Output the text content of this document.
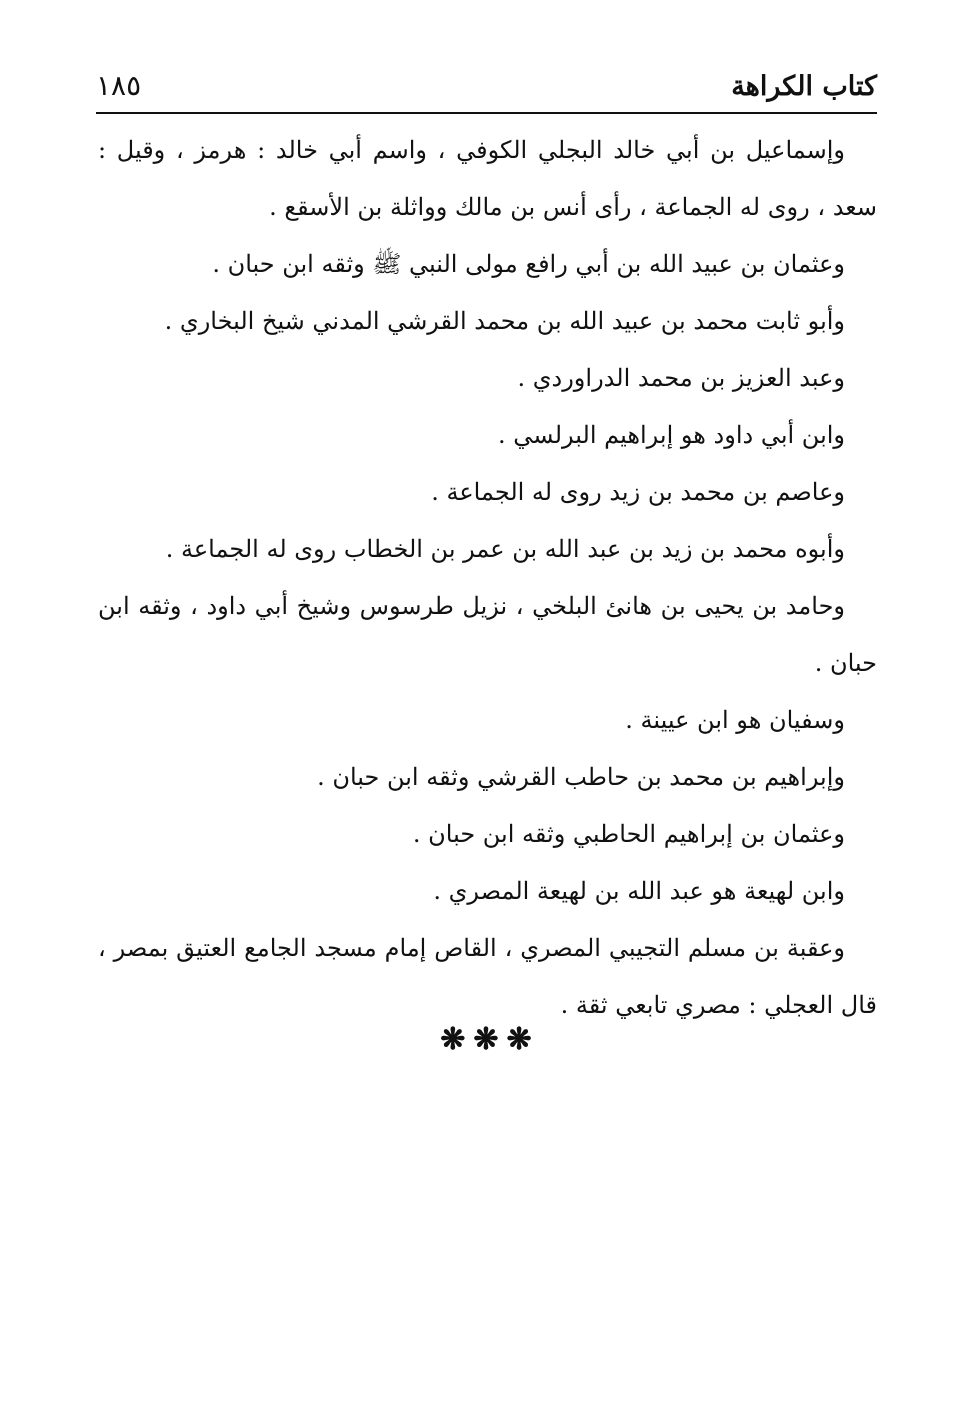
كتاب الكراهة
١٨٥

وإسماعيل بن أبي خالد البجلي الكوفي ، واسم أبي خالد : هرمز ، وقيل : سعد ، روى له الجماعة ، رأى أنس بن مالك وواثلة بن الأسقع .

وعثمان بن عبيد الله بن أبي رافع مولى النبي ﷺ وثقه ابن حبان .

وأبو ثابت محمد بن عبيد الله بن محمد القرشي المدني شيخ البخاري .

وعبد العزيز بن محمد الدراوردي .

وابن أبي داود هو إبراهيم البرلسي .

وعاصم بن محمد بن زيد روى له الجماعة .

وأبوه محمد بن زيد بن عبد الله بن عمر بن الخطاب روى له الجماعة .

وحامد بن يحيى بن هانئ البلخي ، نزيل طرسوس وشيخ أبي داود ، وثقه ابن حبان .

وسفيان هو ابن عيينة .

وإبراهيم بن محمد بن حاطب القرشي وثقه ابن حبان .

وعثمان بن إبراهيم الحاطبي وثقه ابن حبان .

وابن لهيعة هو عبد الله بن لهيعة المصري .

وعقبة بن مسلم التجيبي المصري ، القاص إمام مسجد الجامع العتيق بمصر ، قال العجلي : مصري تابعي ثقة .

❋❋❋
